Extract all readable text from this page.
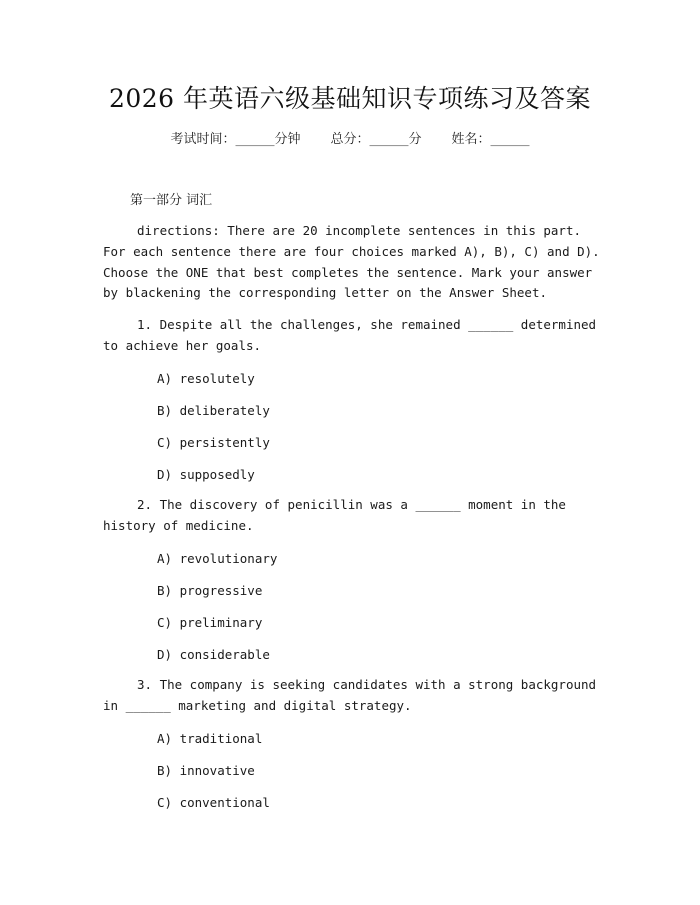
2026 年英语六级基础知识专项练习及答案
考试时间：______分钟 总分：______分 姓名：______
第一部分 词汇
directions: There are 20 incomplete sentences in this part. For each sentence there are four choices marked A), B), C) and D). Choose the ONE that best completes the sentence. Mark your answer by blackening the corresponding letter on the Answer Sheet.
1. Despite all the challenges, she remained ______ determined to achieve her goals.
A) resolutely
B) deliberately
C) persistently
D) supposedly
2. The discovery of penicillin was a ______ moment in the history of medicine.
A) revolutionary
B) progressive
C) preliminary
D) considerable
3. The company is seeking candidates with a strong background in ______ marketing and digital strategy.
A) traditional
B) innovative
C) conventional
